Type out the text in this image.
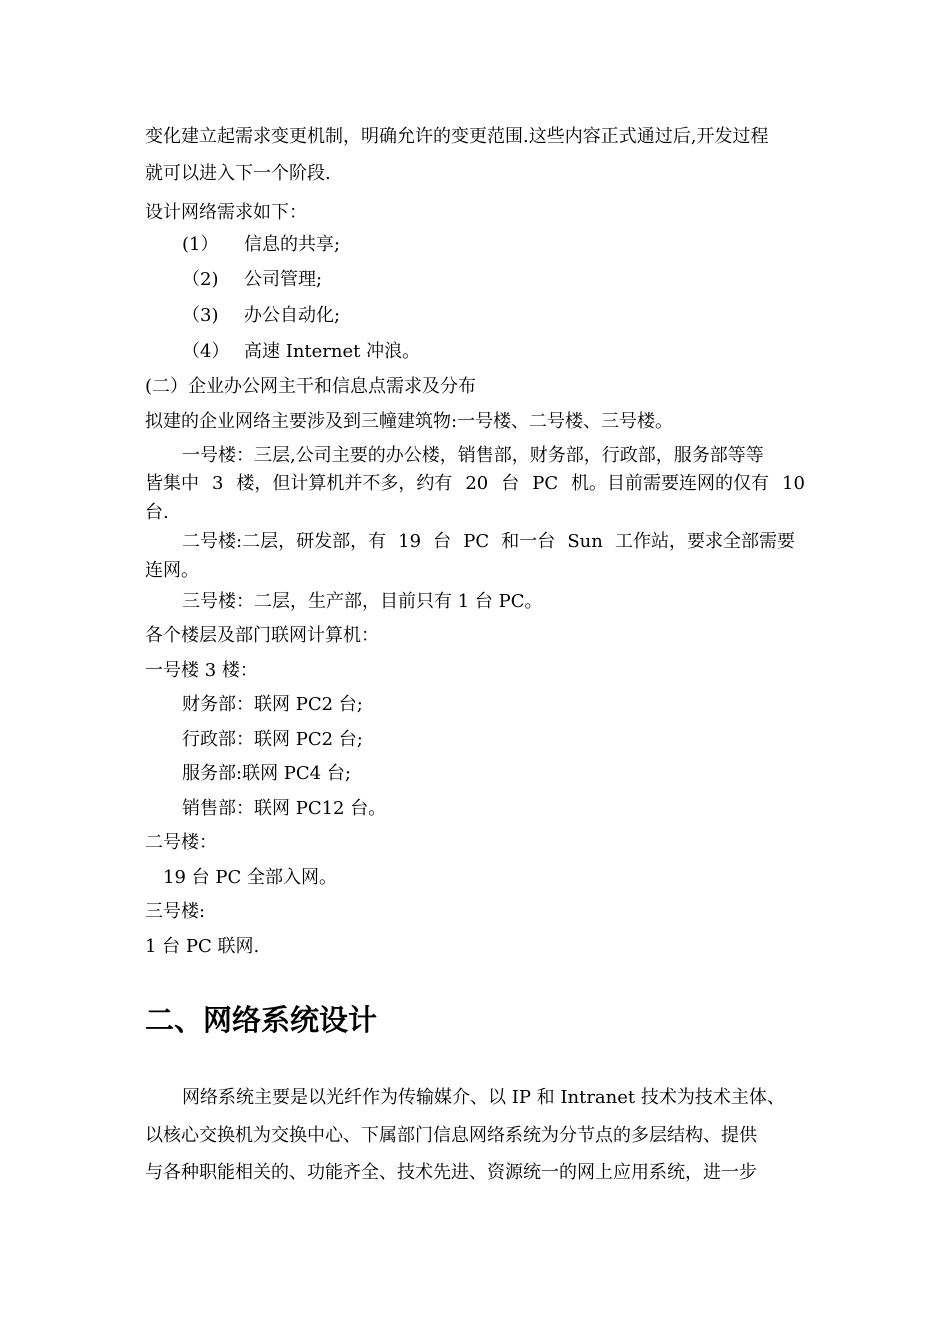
变化建立起需求变更机制，明确允许的变更范围.这些内容正式通过后,开发过程
就可以进入下一个阶段.
设计网络需求如下：
(1） 信息的共享;
（2) 公司管理;
（3) 办公自动化;
（4） 高速 Internet 冲浪。
(二）企业办公网主干和信息点需求及分布
拟建的企业网络主要涉及到三幢建筑物:一号楼、二号楼、三号楼。
一号楼：三层,公司主要的办公楼，销售部，财务部，行政部，服务部等等
皆集中 3 楼，但计算机并不多，约有 20 台 PC 机。目前需要连网的仅有 10
台.
二号楼:二层，研发部，有 19 台 PC 和一台 Sun 工作站，要求全部需要
连网。
三号楼：二层，生产部，目前只有 1 台 PC。
各个楼层及部门联网计算机：
一号楼 3 楼：
财务部：联网 PC2 台;
行政部：联网 PC2 台;
服务部:联网 PC4 台;
销售部：联网 PC12 台。
二号楼：
19 台 PC 全部入网。
三号楼:
1 台 PC 联网.
二、网络系统设计
网络系统主要是以光纤作为传输媒介、以 IP 和 Intranet 技术为技术主体、
以核心交换机为交换中心、下属部门信息网络系统为分节点的多层结构、提供
与各种职能相关的、功能齐全、技术先进、资源统一的网上应用系统，进一步
